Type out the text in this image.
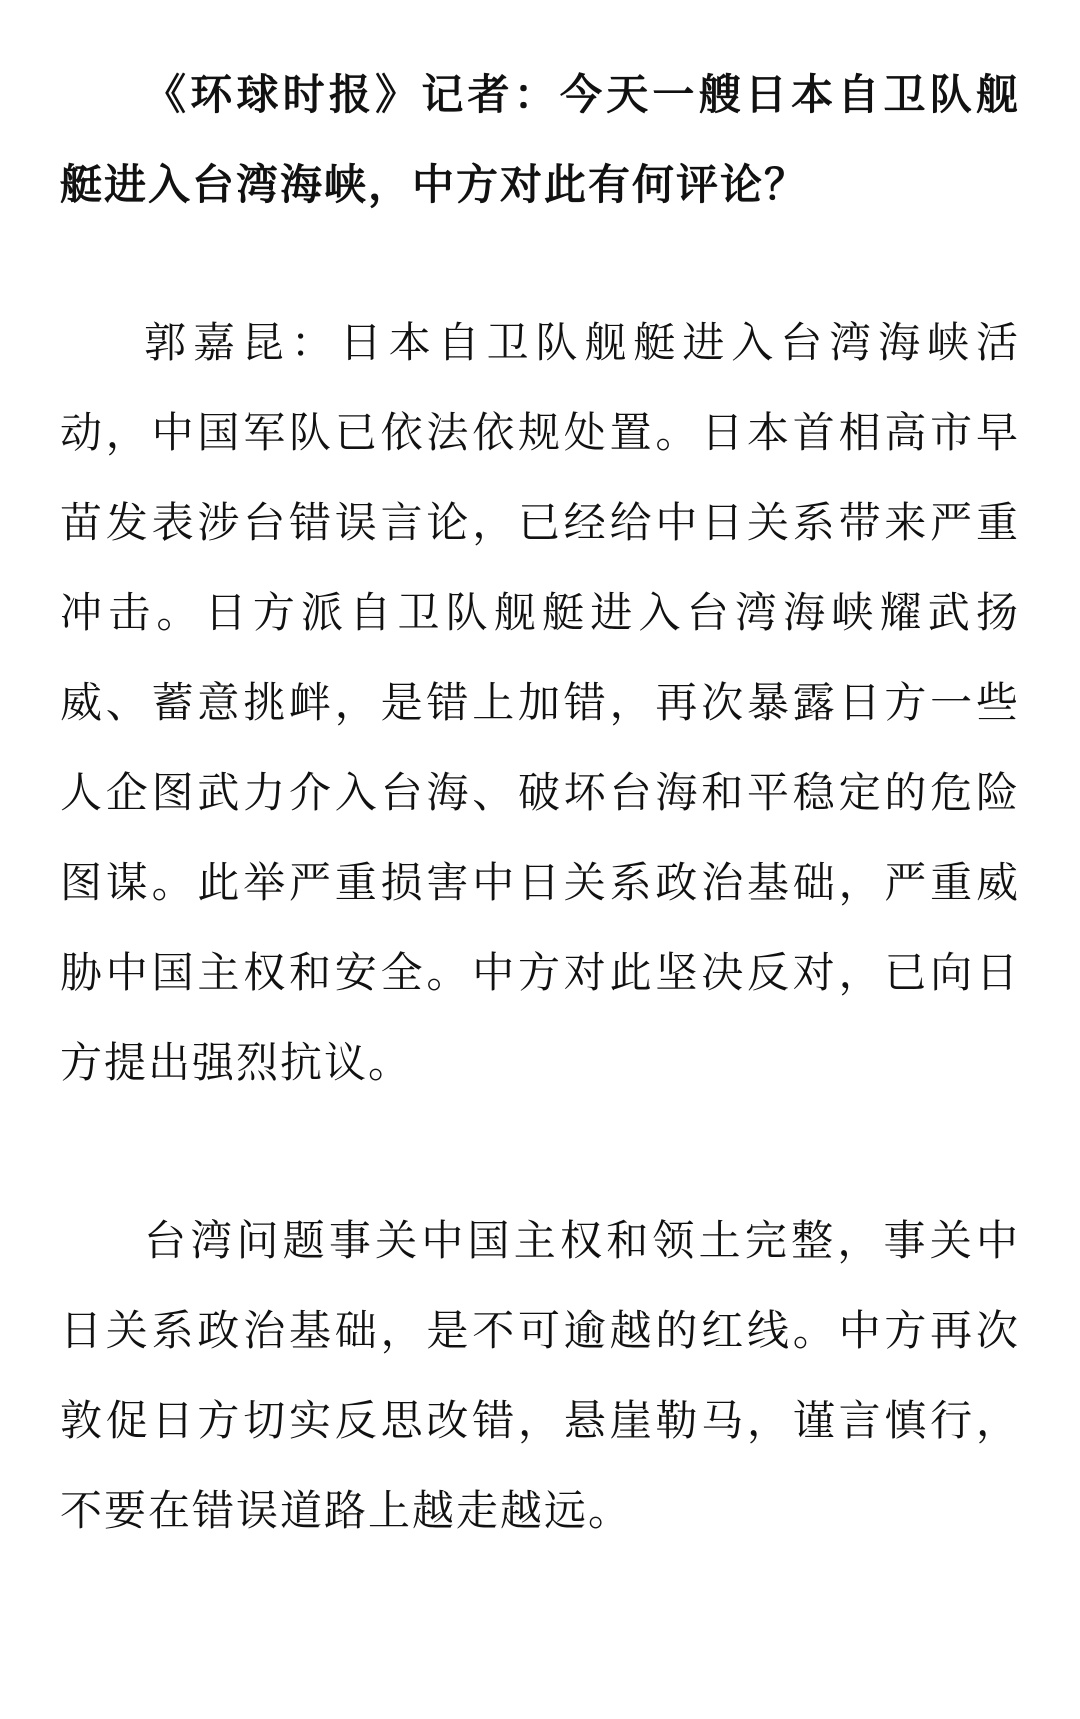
《环球时报》记者：今天一艘日本自卫队舰艇进入台湾海峡，中方对此有何评论？

郭嘉昆：日本自卫队舰艇进入台湾海峡活动，中国军队已依法依规处置。日本首相高市早苗发表涉台错误言论，已经给中日关系带来严重冲击。日方派自卫队舰艇进入台湾海峡耀武扬威、蓄意挑衅，是错上加错，再次暴露日方一些人企图武力介入台海、破坏台海和平稳定的危险图谋。此举严重损害中日关系政治基础，严重威胁中国主权和安全。中方对此坚决反对，已向日方提出强烈抗议。

台湾问题事关中国主权和领土完整，事关中日关系政治基础，是不可逾越的红线。中方再次敦促日方切实反思改错，悬崖勒马，谨言慎行，不要在错误道路上越走越远。
